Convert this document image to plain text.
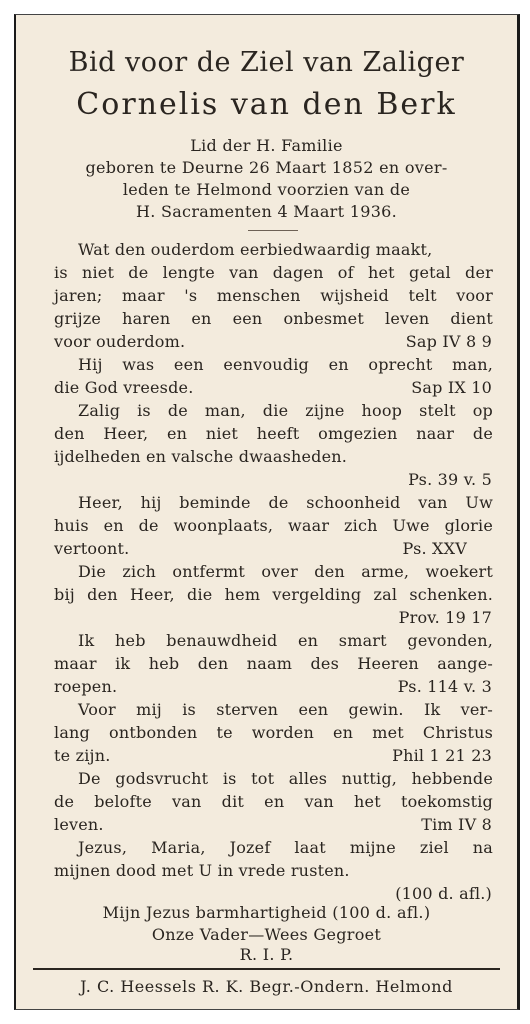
Bid voor de Ziel van Zaliger
Cornelis van den Berk
Lid der H. Familie
geboren te Deurne 26 Maart 1852 en over-
leden te Helmond voorzien van de
H. Sacramenten 4 Maart 1936.
Wat den ouderdom eerbiedwaardig maakt,
is niet de lengte van dagen of het getal der
jaren; maar 's menschen wijsheid telt voor
grijze haren en een onbesmet leven dient
voor ouderdom.	Sap IV 8 9
Hij was een eenvoudig en oprecht man,
die God vreesde.	Sap IX 10
Zalig is de man, die zijne hoop stelt op
den Heer, en niet heeft omgezien naar de
ijdelheden en valsche dwaasheden.
Ps. 39 v. 5
Heer, hij beminde de schoonheid van Uw
huis en de woonplaats, waar zich Uwe glorie
vertoont.	Ps. XXV
Die zich ontfermt over den arme, woekert
bij den Heer, die hem vergelding zal schenken.
Prov. 19 17
Ik heb benauwdheid en smart gevonden,
maar ik heb den naam des Heeren aange-
roepen.	Ps. 114 v. 3
Voor mij is sterven een gewin. Ik ver-
lang ontbonden te worden en met Christus
te zijn.	Phil 1 21 23
De godsvrucht is tot alles nuttig, hebbende
de belofte van dit en van het toekomstig
leven.	Tim IV 8
Jezus, Maria, Jozef laat mijne ziel na
mijnen dood met U in vrede rusten.
(100 d. afl.)
Mijn Jezus barmhartigheid (100 d. afl.)
Onze Vader—Wees Gegroet
R. I. P.
J. C. Heessels R. K. Begr.-Ondern. Helmond
